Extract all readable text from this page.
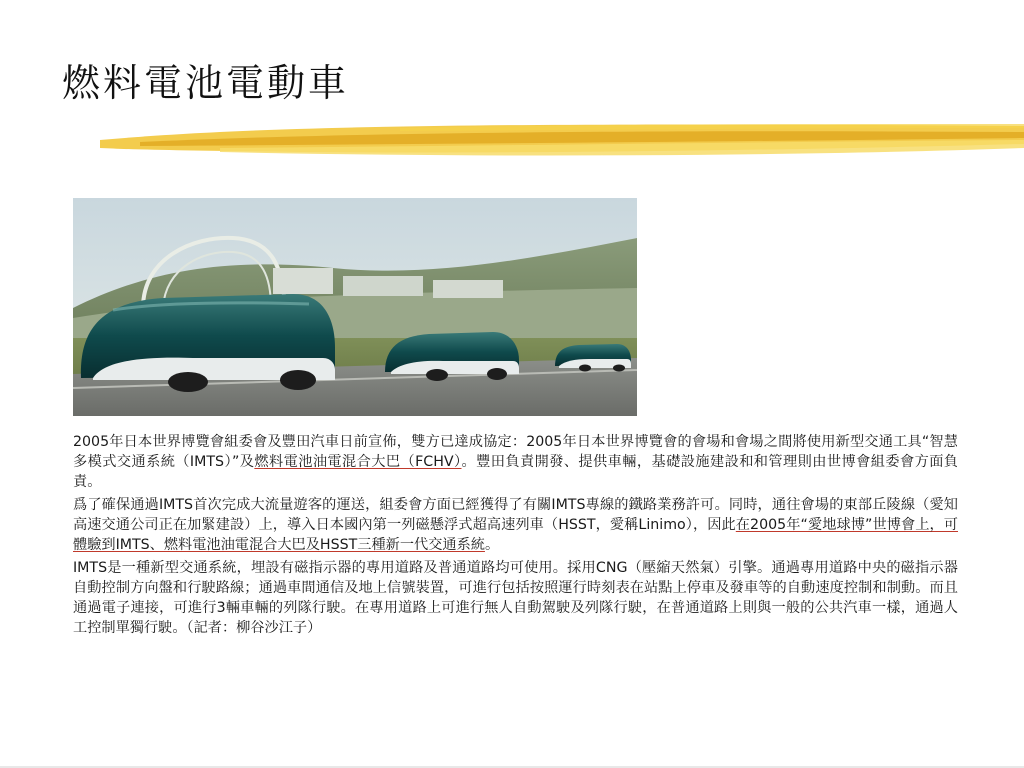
燃料電池電動車

2005年日本世界博覽會組委會及豐田汽車日前宣佈，雙方已達成協定：2005年日本世界博覽會的會場和會場之間將使用新型交通工具“智慧多模式交通系統（IMTS）”及燃料電池油電混合大巴（FCHV）。豐田負責開發、提供車輛，基礎設施建設和和管理則由世博會組委會方面負責。

爲了確保通過IMTS首次完成大流量遊客的運送，組委會方面已經獲得了有關IMTS專線的鐵路業務許可。同時，通往會場的東部丘陵線（愛知高速交通公司正在加緊建設）上，導入日本國內第一列磁懸浮式超高速列車（HSST，愛稱Linimo），因此在2005年“愛地球博”世博會上，可體驗到IMTS、燃料電池油電混合大巴及HSST三種新一代交通系統。

IMTS是一種新型交通系統，埋設有磁指示器的專用道路及普通道路均可使用。採用CNG（壓縮天然氣）引擎。通過專用道路中央的磁指示器自動控制方向盤和行駛路線；通過車間通信及地上信號裝置，可進行包括按照運行時刻表在站點上停車及發車等的自動速度控制和制動。而且通過電子連接，可進行3輛車輛的列隊行駛。在專用道路上可進行無人自動駕駛及列隊行駛，在普通道路上則與一般的公共汽車一樣，通過人工控制單獨行駛。（記者：柳谷沙江子）
